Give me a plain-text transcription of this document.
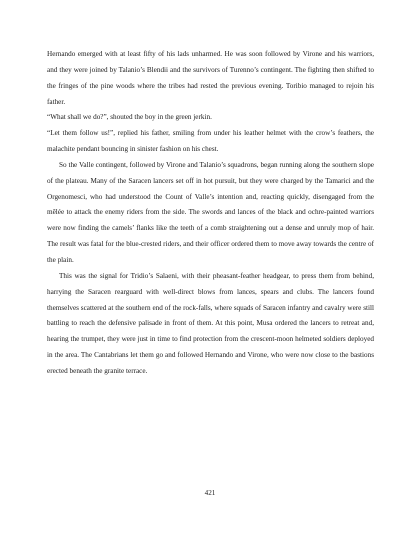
Hernando emerged with at least fifty of his lads unharmed. He was soon followed by Virone and his warriors, and they were joined by Talanio’s Blendii and the survivors of Turenno’s contingent. The fighting then shifted to the fringes of the pine woods where the tribes had rested the previous evening. Toribio managed to rejoin his father.

“What shall we do?”, shouted the boy in the green jerkin.

“Let them follow us!”, replied his father, smiling from under his leather helmet with the crow’s feathers, the malachite pendant bouncing in sinister fashion on his chest.

So the Valle contingent, followed by Virone and Talanio’s squadrons, began running along the southern slope of the plateau. Many of the Saracen lancers set off in hot pursuit, but they were charged by the Tamarici and the Orgenomesci, who had understood the Count of Valle’s intention and, reacting quickly, disengaged from the mêlée to attack the enemy riders from the side. The swords and lances of the black and ochre-painted warriors were now finding the camels’ flanks like the teeth of a comb straightening out a dense and unruly mop of hair. The result was fatal for the blue-crested riders, and their officer ordered them to move away towards the centre of the plain.

This was the signal for Tridio’s Salaeni, with their pheasant-feather headgear, to press them from behind, harrying the Saracen rearguard with well-direct blows from lances, spears and clubs. The lancers found themselves scattered at the southern end of the rock-falls, where squads of Saracen infantry and cavalry were still battling to reach the defensive palisade in front of them. At this point, Musa ordered the lancers to retreat and, hearing the trumpet, they were just in time to find protection from the crescent-moon helmeted soldiers deployed in the area. The Cantabrians let them go and followed Hernando and Virone, who were now close to the bastions erected beneath the granite terrace.

421
